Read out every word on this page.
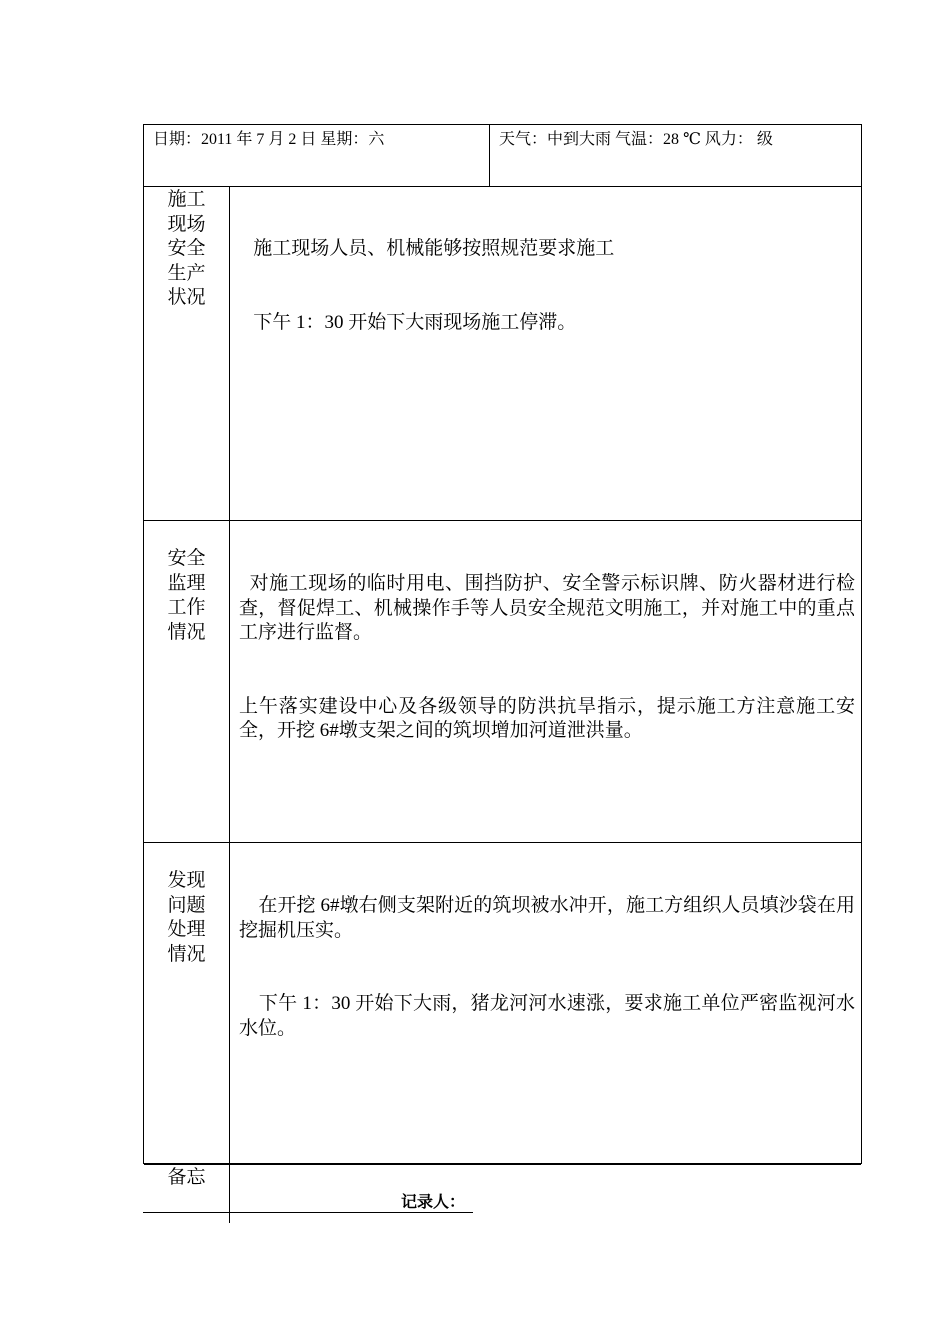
日期：2011 年 7 月 2 日 星期：六	天气：中到大雨 气温：28 ℃ 风力： 级
施工现场安全生产状况

施工现场人员、机械能够按照规范要求施工

下午 1：30 开始下大雨现场施工停滞。

安全监理工作情况

对施工现场的临时用电、围挡防护、安全警示标识牌、防火器材进行检查，督促焊工、机械操作手等人员安全规范文明施工，并对施工中的重点工序进行监督。

上午落实建设中心及各级领导的防洪抗旱指示，提示施工方注意施工安全，开挖 6#墩支架之间的筑坝增加河道泄洪量。

发现问题处理情况

在开挖 6#墩右侧支架附近的筑坝被水冲开，施工方组织人员填沙袋在用挖掘机压实。

下午 1：30 开始下大雨，猪龙河河水速涨，要求施工单位严密监视河水水位。

备忘
记录人：
